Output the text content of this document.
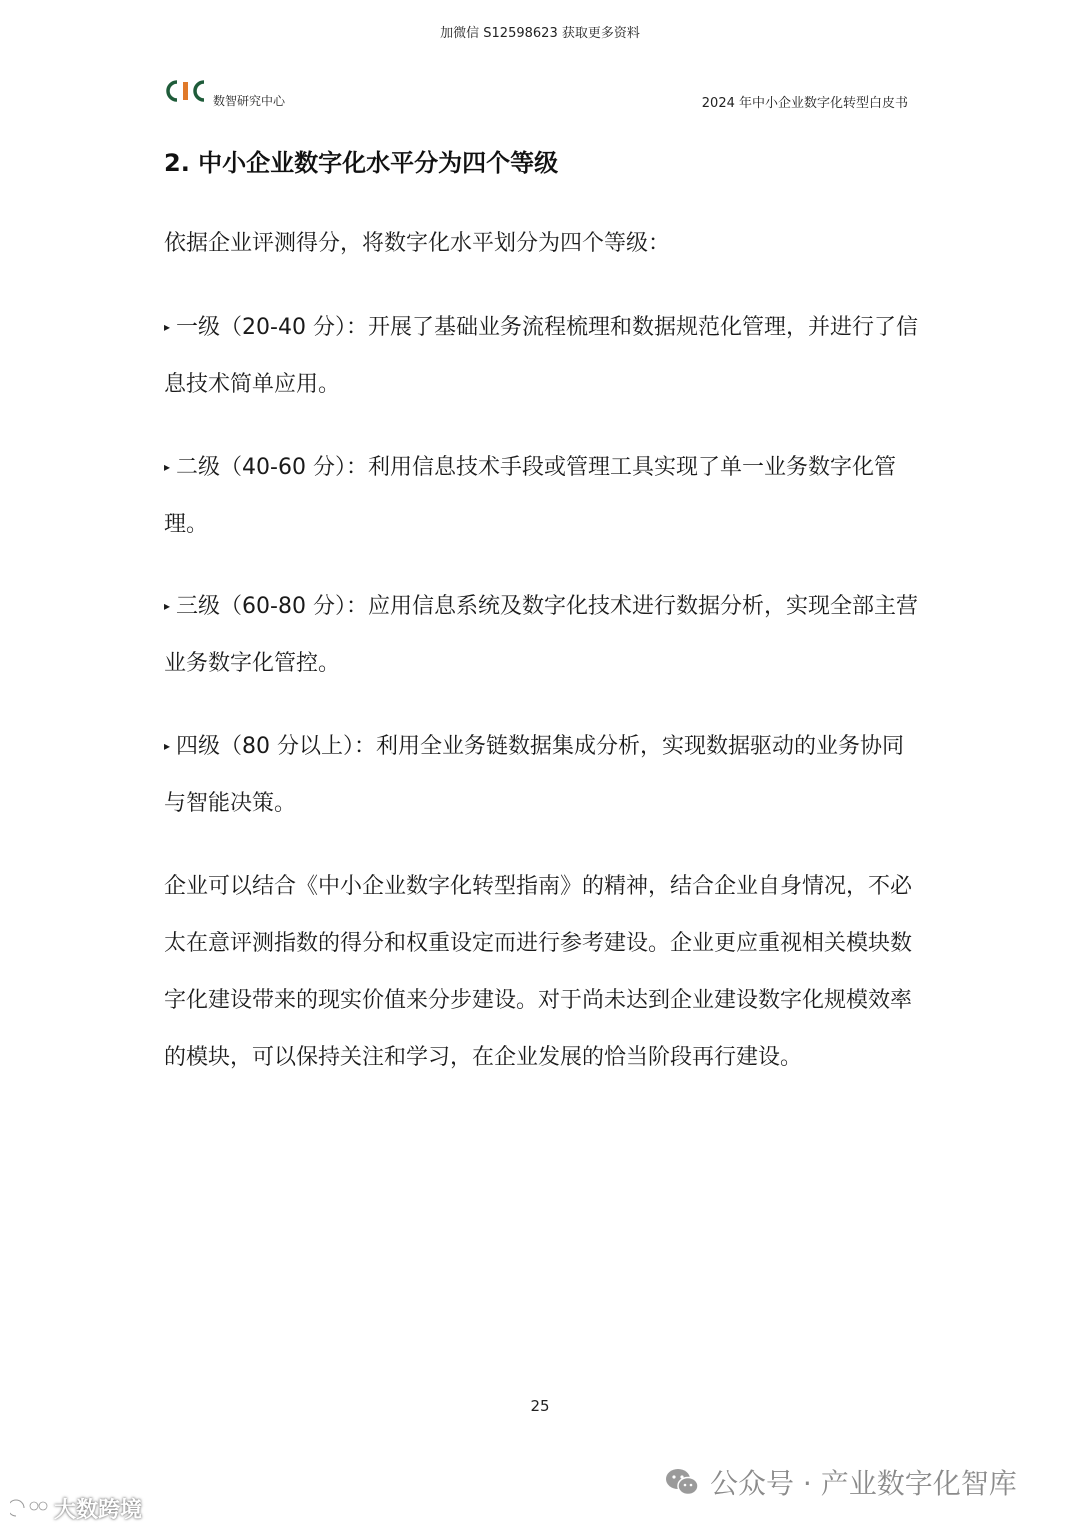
加微信 S12598623 获取更多资料
数智研究中心	2024 年中小企业数字化转型白皮书
2. 中小企业数字化水平分为四个等级
依据企业评测得分，将数字化水平划分为四个等级：
▸ 一级（20-40 分）：开展了基础业务流程梳理和数据规范化管理，并进行了信息技术简单应用。
▸ 二级（40-60 分）：利用信息技术手段或管理工具实现了单一业务数字化管理。
▸ 三级（60-80 分）：应用信息系统及数字化技术进行数据分析，实现全部主营业务数字化管控。
▸ 四级（80 分以上）：利用全业务链数据集成分析，实现数据驱动的业务协同与智能决策。
企业可以结合《中小企业数字化转型指南》的精神，结合企业自身情况，不必太在意评测指数的得分和权重设定而进行参考建设。企业更应重视相关模块数字化建设带来的现实价值来分步建设。对于尚未达到企业建设数字化规模效率的模块，可以保持关注和学习，在企业发展的恰当阶段再行建设。
25
公众号 · 产业数字化智库
大数跨境
